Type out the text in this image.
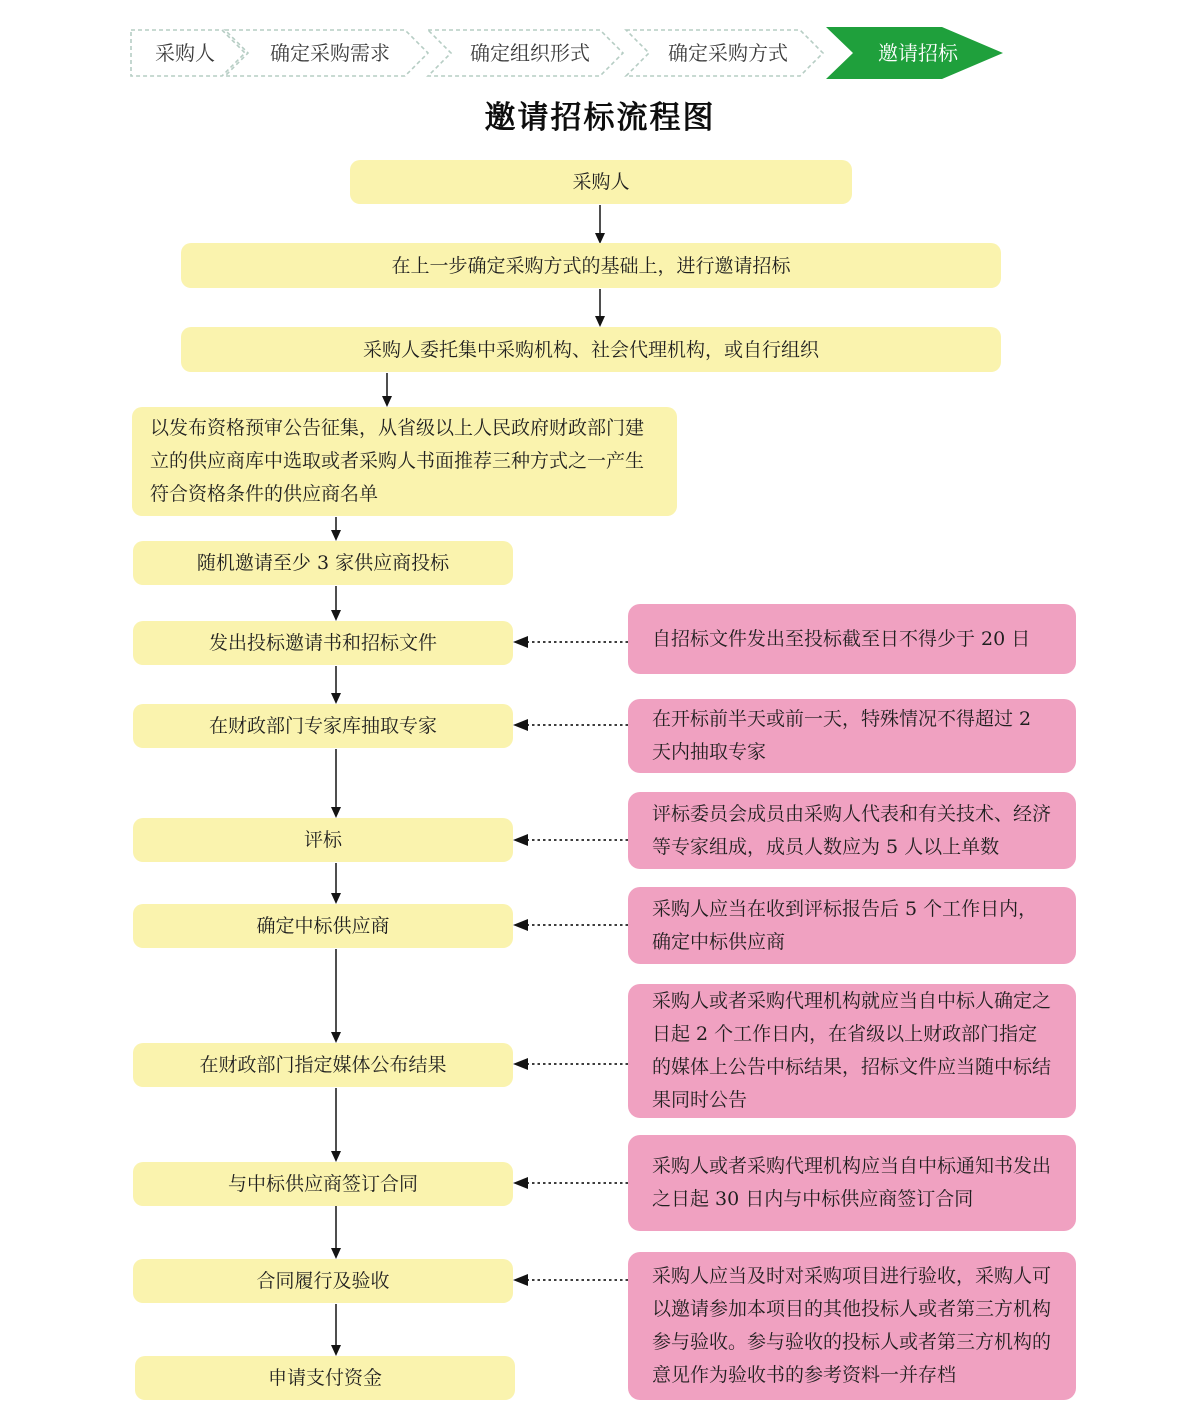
采购人	确定采购需求	确定组织形式	确定采购方式	邀请招标
邀请招标流程图
采购人
在上一步确定采购方式的基础上，进行邀请招标
采购人委托集中采购机构、社会代理机构，或自行组织
以发布资格预审公告征集，从省级以上人民政府财政部门建立的供应商库中选取或者采购人书面推荐三种方式之一产生符合资格条件的供应商名单
随机邀请至少 3 家供应商投标
发出投标邀请书和招标文件
在财政部门专家库抽取专家
评标
确定中标供应商
在财政部门指定媒体公布结果
与中标供应商签订合同
合同履行及验收
申请支付资金
自招标文件发出至投标截至日不得少于 20 日
在开标前半天或前一天，特殊情况不得超过 2 天内抽取专家
评标委员会成员由采购人代表和有关技术、经济等专家组成，成员人数应为 5 人以上单数
采购人应当在收到评标报告后 5 个工作日内，确定中标供应商
采购人或者采购代理机构就应当自中标人确定之日起 2 个工作日内，在省级以上财政部门指定的媒体上公告中标结果，招标文件应当随中标结果同时公告
采购人或者采购代理机构应当自中标通知书发出之日起 30 日内与中标供应商签订合同
采购人应当及时对采购项目进行验收，采购人可以邀请参加本项目的其他投标人或者第三方机构参与验收。参与验收的投标人或者第三方机构的意见作为验收书的参考资料一并存档
